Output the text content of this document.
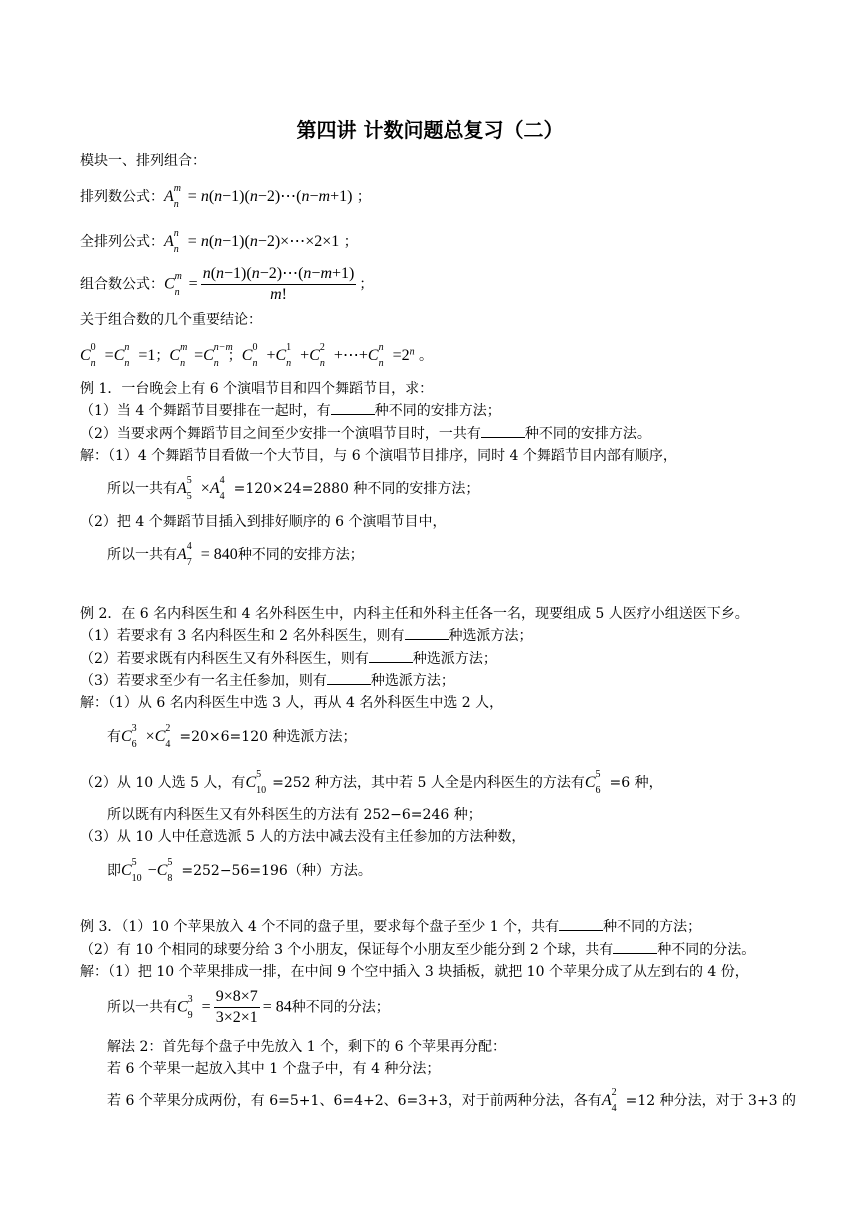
第四讲 计数问题总复习（二）
模块一、排列组合：
排列数公式：A m
n = n(n−1)(n−2)⋯(n−m+1) ；
全排列公式：A n
n = n(n−1)(n−2)×⋯×2×1 ；
组合数公式：C m
$n = \frac{n(n-1)(n-2)\cdots(n-m+1)}{m!}$ ；
关于组合数的几个重要结论：
C 0
n =C n
n =1；C m
n =C n−m
n ；C 0
n +C 1
n +C 2
n +⋯+C n
$n =2^n$ 。
例 1．一台晚会上有 6 个演唱节目和四个舞蹈节目，求：
（1）当 4 个舞蹈节目要排在一起时，有	种不同的安排方法；
（2）当要求两个舞蹈节目之间至少安排一个演唱节目时，一共有	种不同的安排方法。
解：（1）4 个舞蹈节目看做一个大节目，与 6 个演唱节目排序，同时 4 个舞蹈节目内部有顺序，
所以一共有A 5
5 ×A 4
4 =120×24=2880 种不同的安排方法；
（2）把 4 个舞蹈节目插入到排好顺序的 6 个演唱节目中，
所以一共有A 4
7 = 840种不同的安排方法；
例 2．在 6 名内科医生和 4 名外科医生中，内科主任和外科主任各一名，现要组成 5 人医疗小组送医下乡。
（1）若要求有 3 名内科医生和 2 名外科医生，则有	种选派方法；
（2）若要求既有内科医生又有外科医生，则有	种选派方法；
（3）若要求至少有一名主任参加，则有	种选派方法；
解：（1）从 6 名内科医生中选 3 人，再从 4 名外科医生中选 2 人，
有C 3
6 ×C 2
4 =20×6=120 种选派方法；
（2）从 10 人选 5 人，有C 5
10 =252 种方法，其中若 5 人全是内科医生的方法有C 5
6 =6 种，
所以既有内科医生又有外科医生的方法有 252−6=246 种；
（3）从 10 人中任意选派 5 人的方法中减去没有主任参加的方法种数，
即C 5
10 −C 5
8 =252−56=196（种）方法。
例 3．（1）10 个苹果放入 4 个不同的盘子里，要求每个盘子至少 1 个，共有	种不同的方法；
（2）有 10 个相同的球要分给 3 个小朋友，保证每个小朋友至少能分到 2 个球，共有	种不同的分法。
解：（1）把 10 个苹果排成一排，在中间 9 个空中插入 3 块插板，就把 10 个苹果分成了从左到右的 4 份，
所以一共有C 3
$9 = \frac{9\times 8\times 7}{3\times 2\times 1} = 84$种不同的分法；
解法 2：首先每个盘子中先放入 1 个，剩下的 6 个苹果再分配：
若 6 个苹果一起放入其中 1 个盘子中，有 4 种分法；
若 6 个苹果分成两份，有 6=5+1、6=4+2、6=3+3，对于前两种分法，各有A 2
4 =12 种分法，对于 3+3 的
